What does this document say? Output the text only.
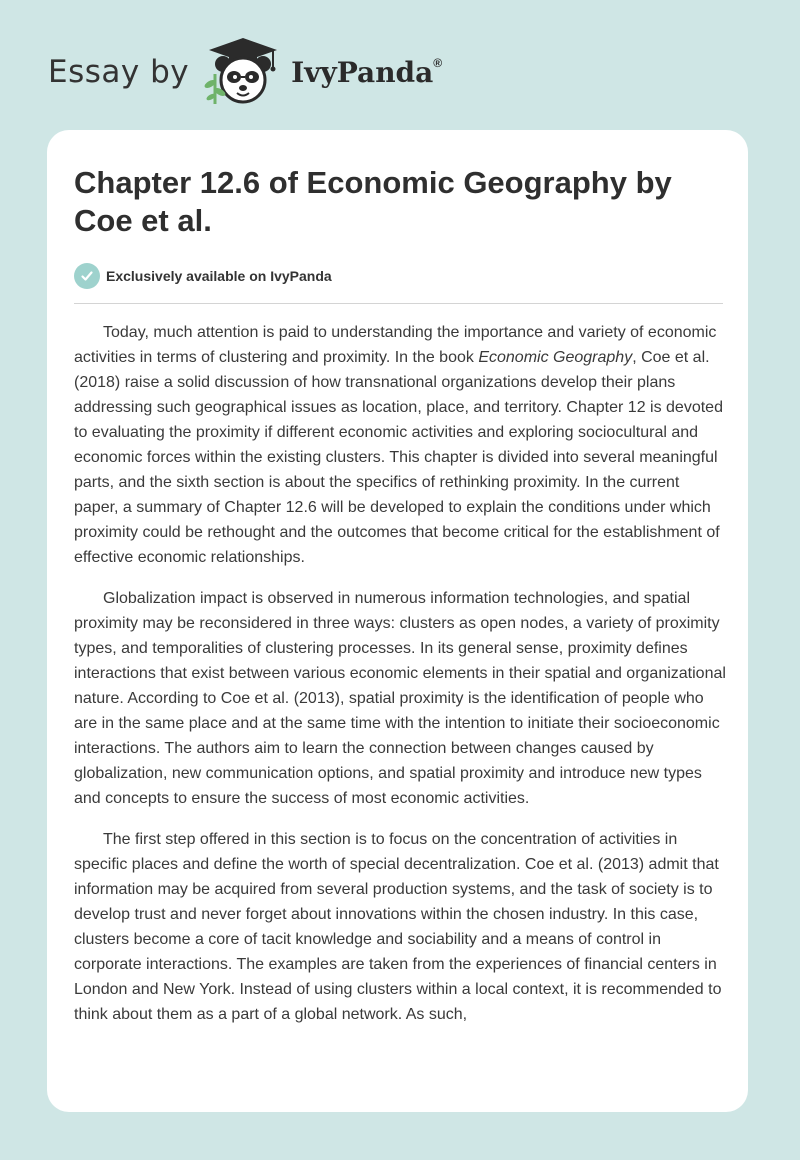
Essay by	IvyPanda®
Chapter 12.6 of Economic Geography by Coe et al.
Exclusively available on IvyPanda

Today, much attention is paid to understanding the importance and variety of economic activities in terms of clustering and proximity. In the book Economic Geography, Coe et al. (2018) raise a solid discussion of how transnational organizations develop their plans addressing such geographical issues as location, place, and territory. Chapter 12 is devoted to evaluating the proximity if different economic activities and exploring sociocultural and economic forces within the existing clusters. This chapter is divided into several meaningful parts, and the sixth section is about the specifics of rethinking proximity. In the current paper, a summary of Chapter 12.6 will be developed to explain the conditions under which proximity could be rethought and the outcomes that become critical for the establishment of effective economic relationships.

Globalization impact is observed in numerous information technologies, and spatial proximity may be reconsidered in three ways: clusters as open nodes, a variety of proximity types, and temporalities of clustering processes. In its general sense, proximity defines interactions that exist between various economic elements in their spatial and organizational nature. According to Coe et al. (2013), spatial proximity is the identification of people who are in the same place and at the same time with the intention to initiate their socioeconomic interactions. The authors aim to learn the connection between changes caused by globalization, new communication options, and spatial proximity and introduce new types and concepts to ensure the success of most economic activities.

The first step offered in this section is to focus on the concentration of activities in specific places and define the worth of special decentralization. Coe et al. (2013) admit that information may be acquired from several production systems, and the task of society is to develop trust and never forget about innovations within the chosen industry. In this case, clusters become a core of tacit knowledge and sociability and a means of control in corporate interactions. The examples are taken from the experiences of financial centers in London and New York. Instead of using clusters within a local context, it is recommended to think about them as a part of a global network. As such,
